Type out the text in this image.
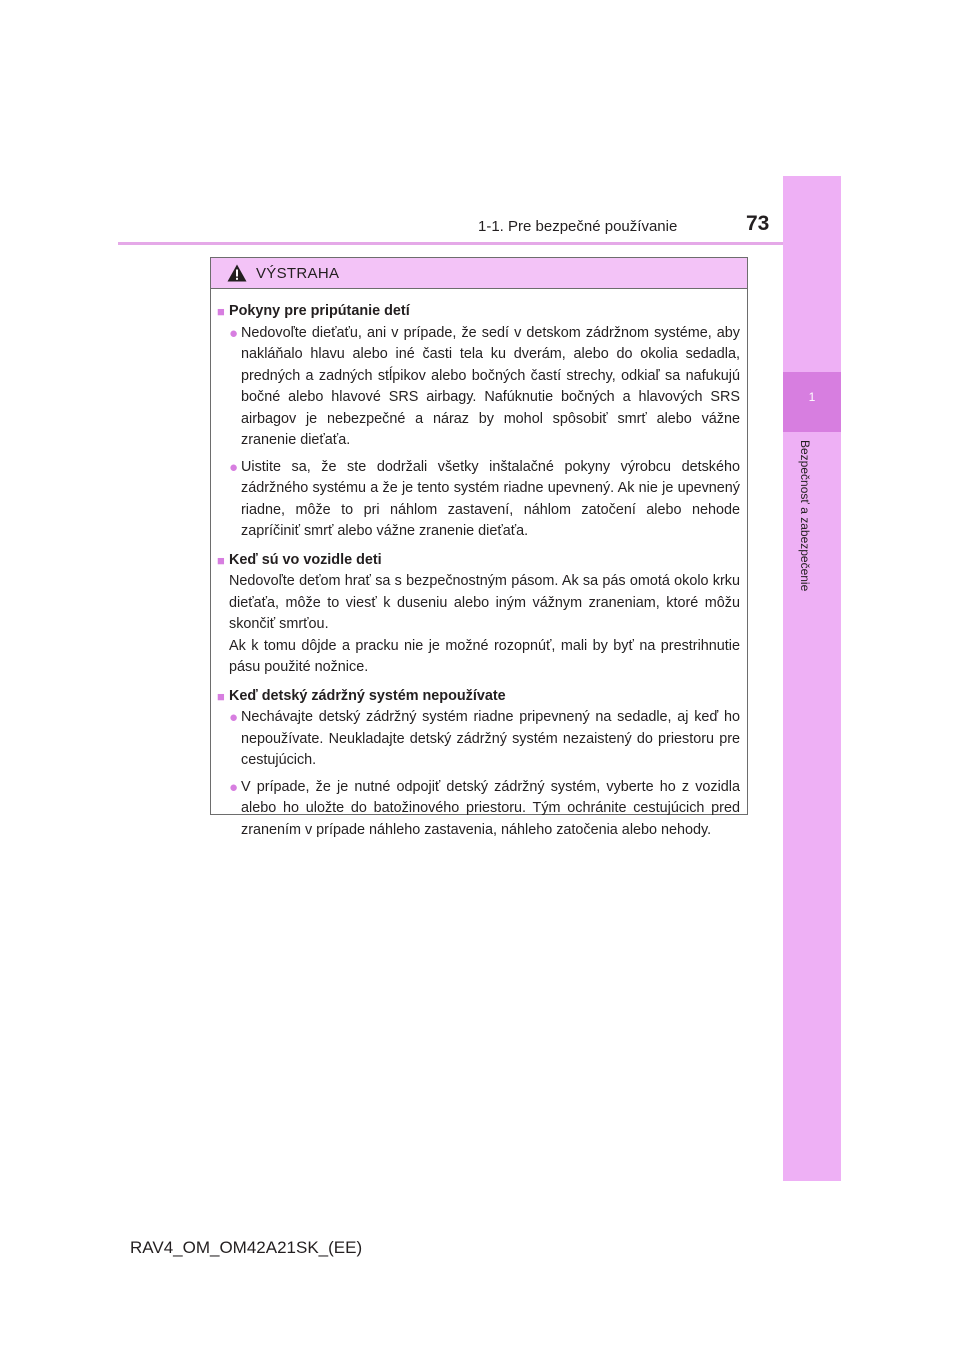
1-1. Pre bezpečné používanie	73
1
Bezpečnosť a zabezpečenie
VÝSTRAHA
■ Pokyny pre pripútanie detí
● Nedovoľte dieťaťu, ani v prípade, že sedí v detskom zádržnom systéme, aby nakláňalo hlavu alebo iné časti tela ku dverám, alebo do okolia sedadla, predných a zadných stĺpikov alebo bočných častí strechy, odkiaľ sa nafukujú bočné alebo hlavové SRS airbagy. Nafúknutie bočných a hlavových SRS airbagov je nebezpečné a náraz by mohol spôsobiť smrť alebo vážne zranenie dieťaťa.
● Uistite sa, že ste dodržali všetky inštalačné pokyny výrobcu detského zádržného systému a že je tento systém riadne upevnený. Ak nie je upevnený riadne, môže to pri náhlom zastavení, náhlom zatočení alebo nehode zapríčiniť smrť alebo vážne zranenie dieťaťa.
■ Keď sú vo vozidle deti
Nedovoľte deťom hrať sa s bezpečnostným pásom. Ak sa pás omotá okolo krku dieťaťa, môže to viesť k duseniu alebo iným vážnym zraneniam, ktoré môžu skončiť smrťou.
Ak k tomu dôjde a pracku nie je možné rozopnúť, mali by byť na prestrihnutie pásu použité nožnice.
■ Keď detský zádržný systém nepoužívate
● Nechávajte detský zádržný systém riadne pripevnený na sedadle, aj keď ho nepoužívate. Neukladajte detský zádržný systém nezaistený do priestoru pre cestujúcich.
● V prípade, že je nutné odpojiť detský zádržný systém, vyberte ho z vozidla alebo ho uložte do batožinového priestoru. Tým ochránite cestujúcich pred zranením v prípade náhleho zastavenia, náhleho zatočenia alebo nehody.
RAV4_OM_OM42A21SK_(EE)
